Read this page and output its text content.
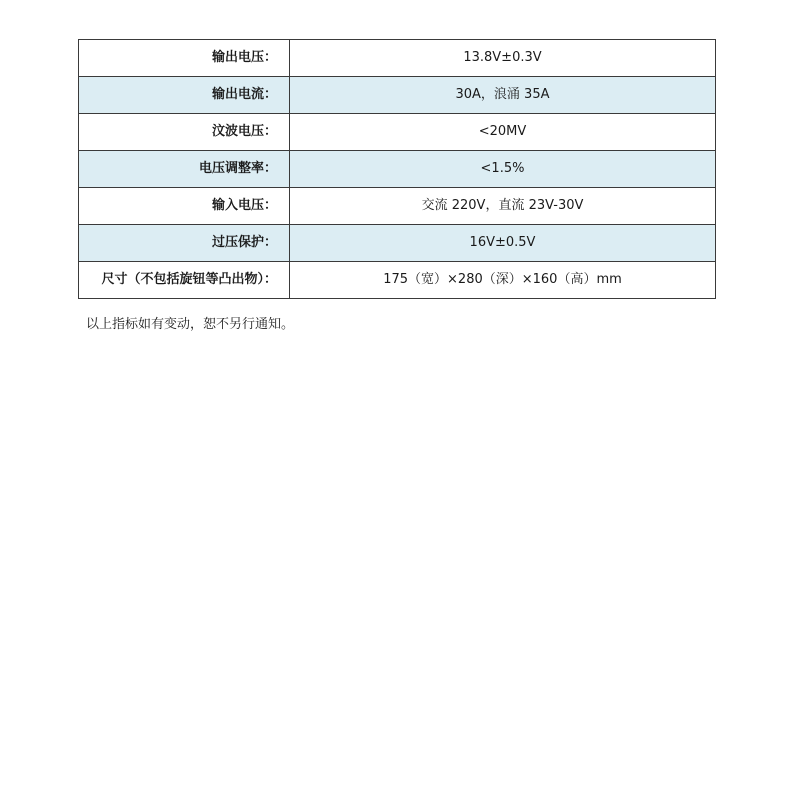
输出电压：	13.8V±0.3V
输出电流：	30A，浪涌 35A
汶波电压：	<20MV
电压调整率：	<1.5%
输入电压：	交流 220V，直流 23V-30V
过压保护：	16V±0.5V
尺寸（不包括旋钮等凸出物）：	175（宽）×280（深）×160（高）mm
以上指标如有变动，恕不另行通知。
